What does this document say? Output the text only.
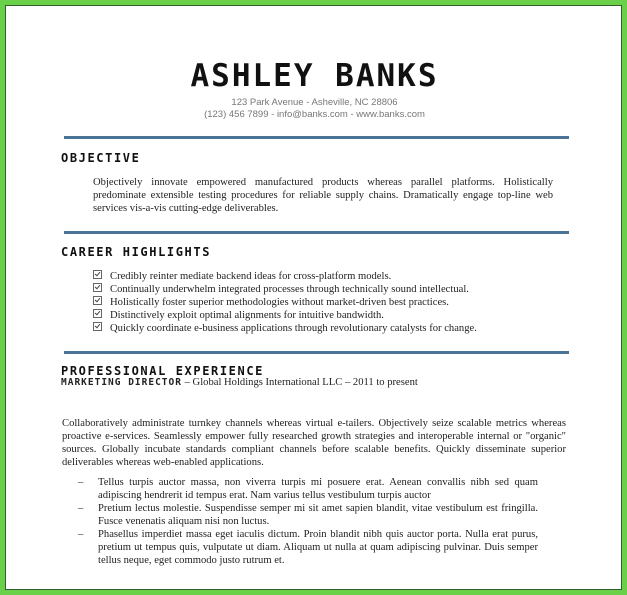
ASHLEY BANKS
123 Park Avenue - Asheville, NC 28806
(123) 456 7899 - info@banks.com - www.banks.com
OBJECTIVE

Objectively innovate empowered manufactured products whereas parallel platforms. Holistically predominate extensible testing procedures for reliable supply chains. Dramatically engage top-line web services vis-a-vis cutting-edge deliverables.

CAREER HIGHLIGHTS
Credibly reinter mediate backend ideas for cross-platform models.
Continually underwhelm integrated processes through technically sound intellectual.
Holistically foster superior methodologies without market-driven best practices.
Distinctively exploit optimal alignments for intuitive bandwidth.
Quickly coordinate e-business applications through revolutionary catalysts for change.
PROFESSIONAL EXPERIENCE

Collaboratively administrate turnkey channels whereas virtual e-tailers. Objectively seize scalable metrics whereas proactive e-services. Seamlessly empower fully researched growth strategies and interoperable internal or "organic" sources. Globally incubate standards compliant channels before scalable benefits. Quickly disseminate superior deliverables whereas web-enabled applications.

– Tellus turpis auctor massa, non viverra turpis mi posuere erat. Aenean convallis nibh sed quam adipiscing hendrerit id tempus erat. Nam varius tellus vestibulum turpis auctor
– Pretium lectus molestie. Suspendisse semper mi sit amet sapien blandit, vitae vestibulum est fringilla. Fusce venenatis aliquam nisi non luctus.
– Phasellus imperdiet massa eget iaculis dictum. Proin blandit nibh quis auctor porta. Nulla erat purus, pretium ut tempus quis, vulputate ut diam. Aliquam ut nulla at quam adipiscing pulvinar. Duis semper tellus neque, eget commodo justo rutrum et.
MARKETING DIRECTOR – Global Holdings International LLC – 2011 to present
